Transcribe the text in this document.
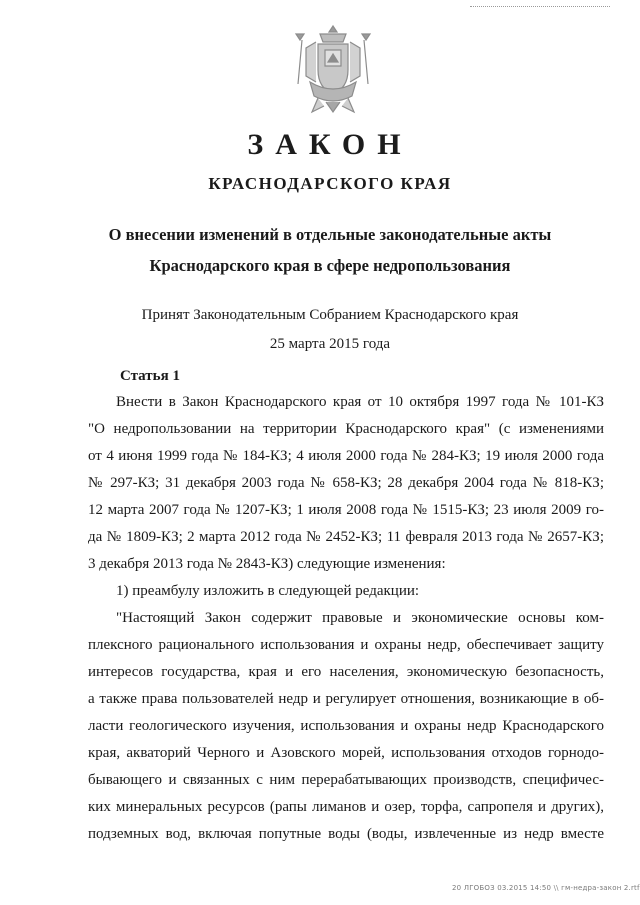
ЗАКОН
КРАСНОДАРСКОГО КРАЯ
О внесении изменений в отдельные законодательные акты
Краснодарского края в сфере недропользования
Принят Законодательным Собранием Краснодарского края
25 марта 2015 года
Статья 1
Внести в Закон Краснодарского края от 10 октября 1997 года № 101-КЗ
"О недропользовании на территории Краснодарского края" (с изменениями
от 4 июня 1999 года № 184-КЗ; 4 июля 2000 года № 284-КЗ; 19 июля 2000 года
№ 297-КЗ; 31 декабря 2003 года № 658-КЗ; 28 декабря 2004 года № 818-КЗ;
12 марта 2007 года № 1207-КЗ; 1 июля 2008 года № 1515-КЗ; 23 июля 2009 го-
да № 1809-КЗ; 2 марта 2012 года № 2452-КЗ; 11 февраля 2013 года № 2657-КЗ;
3 декабря 2013 года № 2843-КЗ) следующие изменения:
1) преамбулу изложить в следующей редакции:
"Настоящий Закон содержит правовые и экономические основы ком-
плексного рационального использования и охраны недр, обеспечивает защиту
интересов государства, края и его населения, экономическую безопасность,
а также права пользователей недр и регулирует отношения, возникающие в об-
ласти геологического изучения, использования и охраны недр Краснодарского
края, акваторий Черного и Азовского морей, использования отходов горнодо-
бывающего и связанных с ним перерабатывающих производств, специфичес-
ких минеральных ресурсов (рапы лиманов и озер, торфа, сапропеля и других),
подземных вод, включая попутные воды (воды, извлеченные из недр вместе
20 ЛГОБОЗ 03.2015 14:50 \\ гм-недра-закон 2.rtf
